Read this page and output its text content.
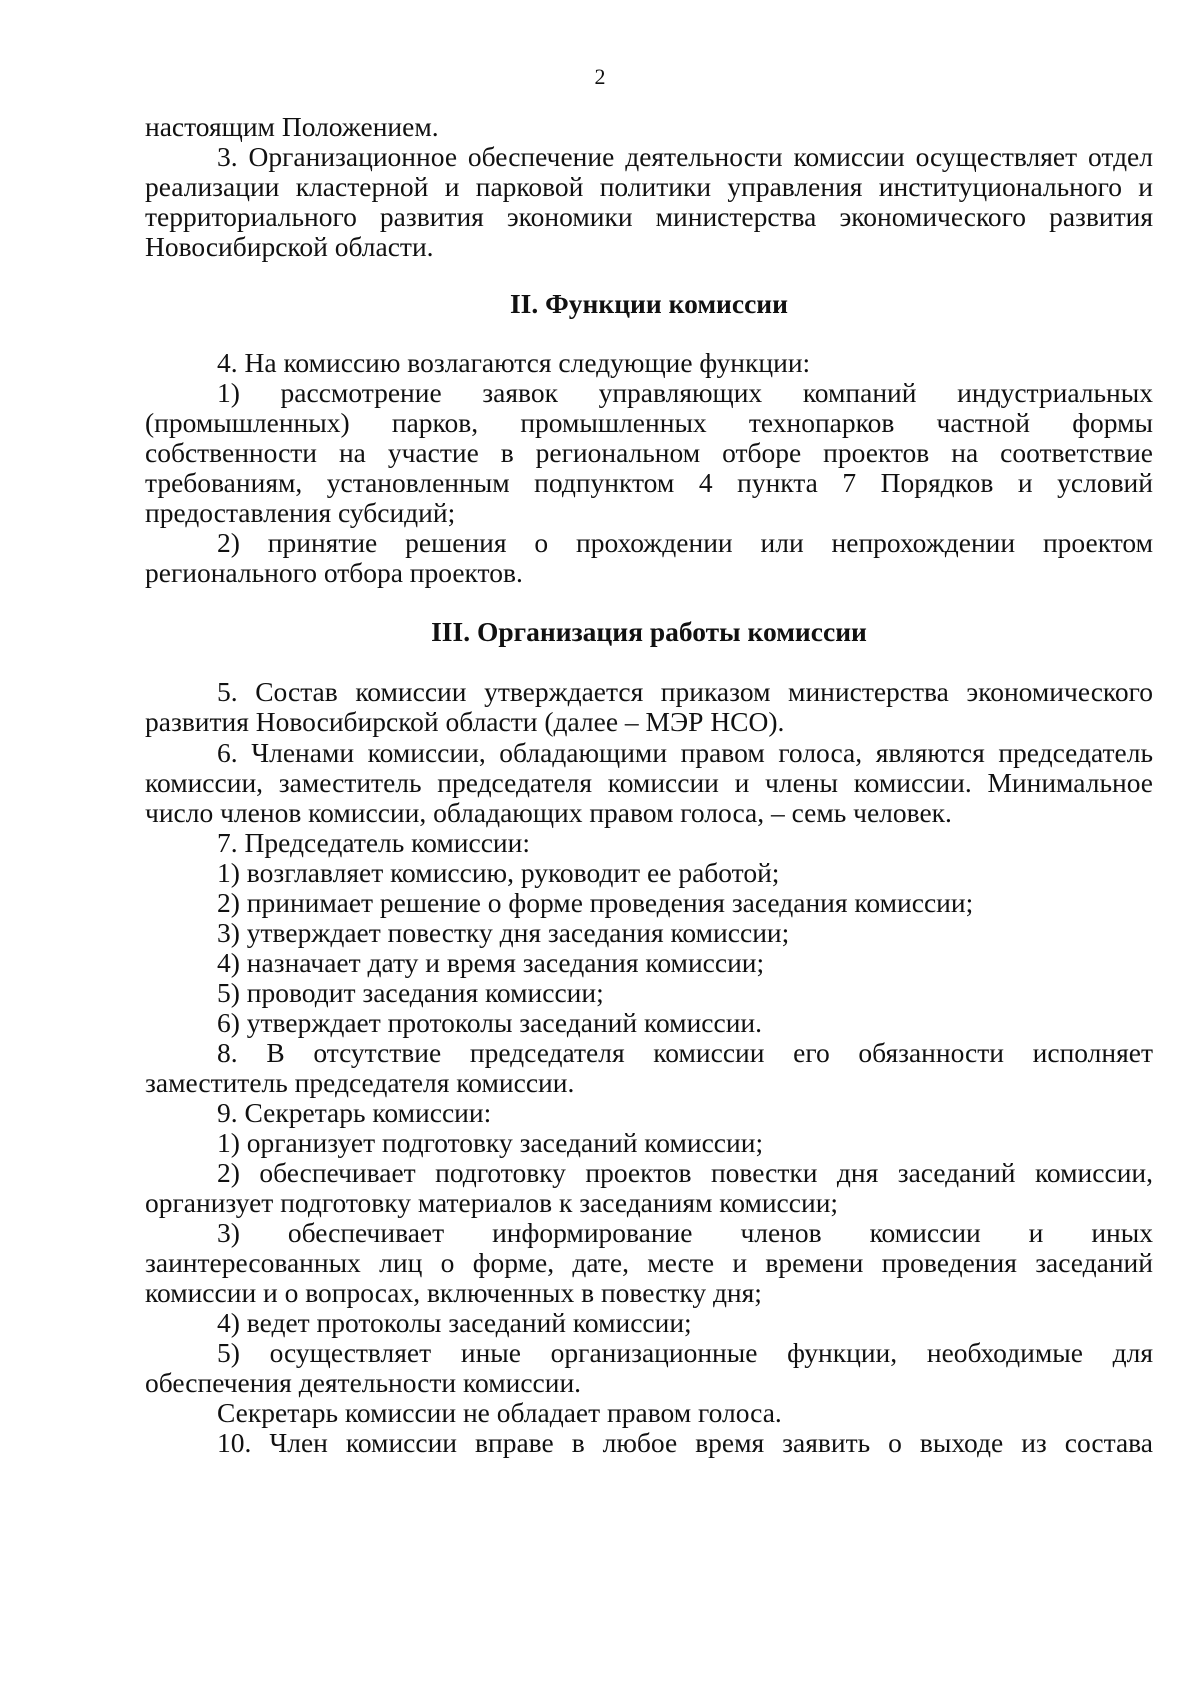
2
настоящим Положением.
3. Организационное обеспечение деятельности комиссии осуществляет отдел
реализации кластерной и парковой политики управления институционального и
территориального развития экономики министерства экономического развития
Новосибирской области.
II. Функции комиссии
4. На комиссию возлагаются следующие функции:
1) рассмотрение заявок управляющих компаний индустриальных
(промышленных) парков, промышленных технопарков частной формы
собственности на участие в региональном отборе проектов на соответствие
требованиям, установленным подпунктом 4 пункта 7 Порядков и условий
предоставления субсидий;
2) принятие решения о прохождении или непрохождении проектом
регионального отбора проектов.
III. Организация работы комиссии
5. Состав комиссии утверждается приказом министерства экономического
развития Новосибирской области (далее – МЭР НСО).
6. Членами комиссии, обладающими правом голоса, являются председатель
комиссии, заместитель председателя комиссии и члены комиссии. Минимальное
число членов комиссии, обладающих правом голоса, – семь человек.
7. Председатель комиссии:
1) возглавляет комиссию, руководит ее работой;
2) принимает решение о форме проведения заседания комиссии;
3) утверждает повестку дня заседания комиссии;
4) назначает дату и время заседания комиссии;
5) проводит заседания комиссии;
6) утверждает протоколы заседаний комиссии.
8. В отсутствие председателя комиссии его обязанности исполняет
заместитель председателя комиссии.
9. Секретарь комиссии:
1) организует подготовку заседаний комиссии;
2) обеспечивает подготовку проектов повестки дня заседаний комиссии,
организует подготовку материалов к заседаниям комиссии;
3) обеспечивает информирование членов комиссии и иных
заинтересованных лиц о форме, дате, месте и времени проведения заседаний
комиссии и о вопросах, включенных в повестку дня;
4) ведет протоколы заседаний комиссии;
5) осуществляет иные организационные функции, необходимые для
обеспечения деятельности комиссии.
Секретарь комиссии не обладает правом голоса.
10. Член комиссии вправе в любое время заявить о выходе из состава
